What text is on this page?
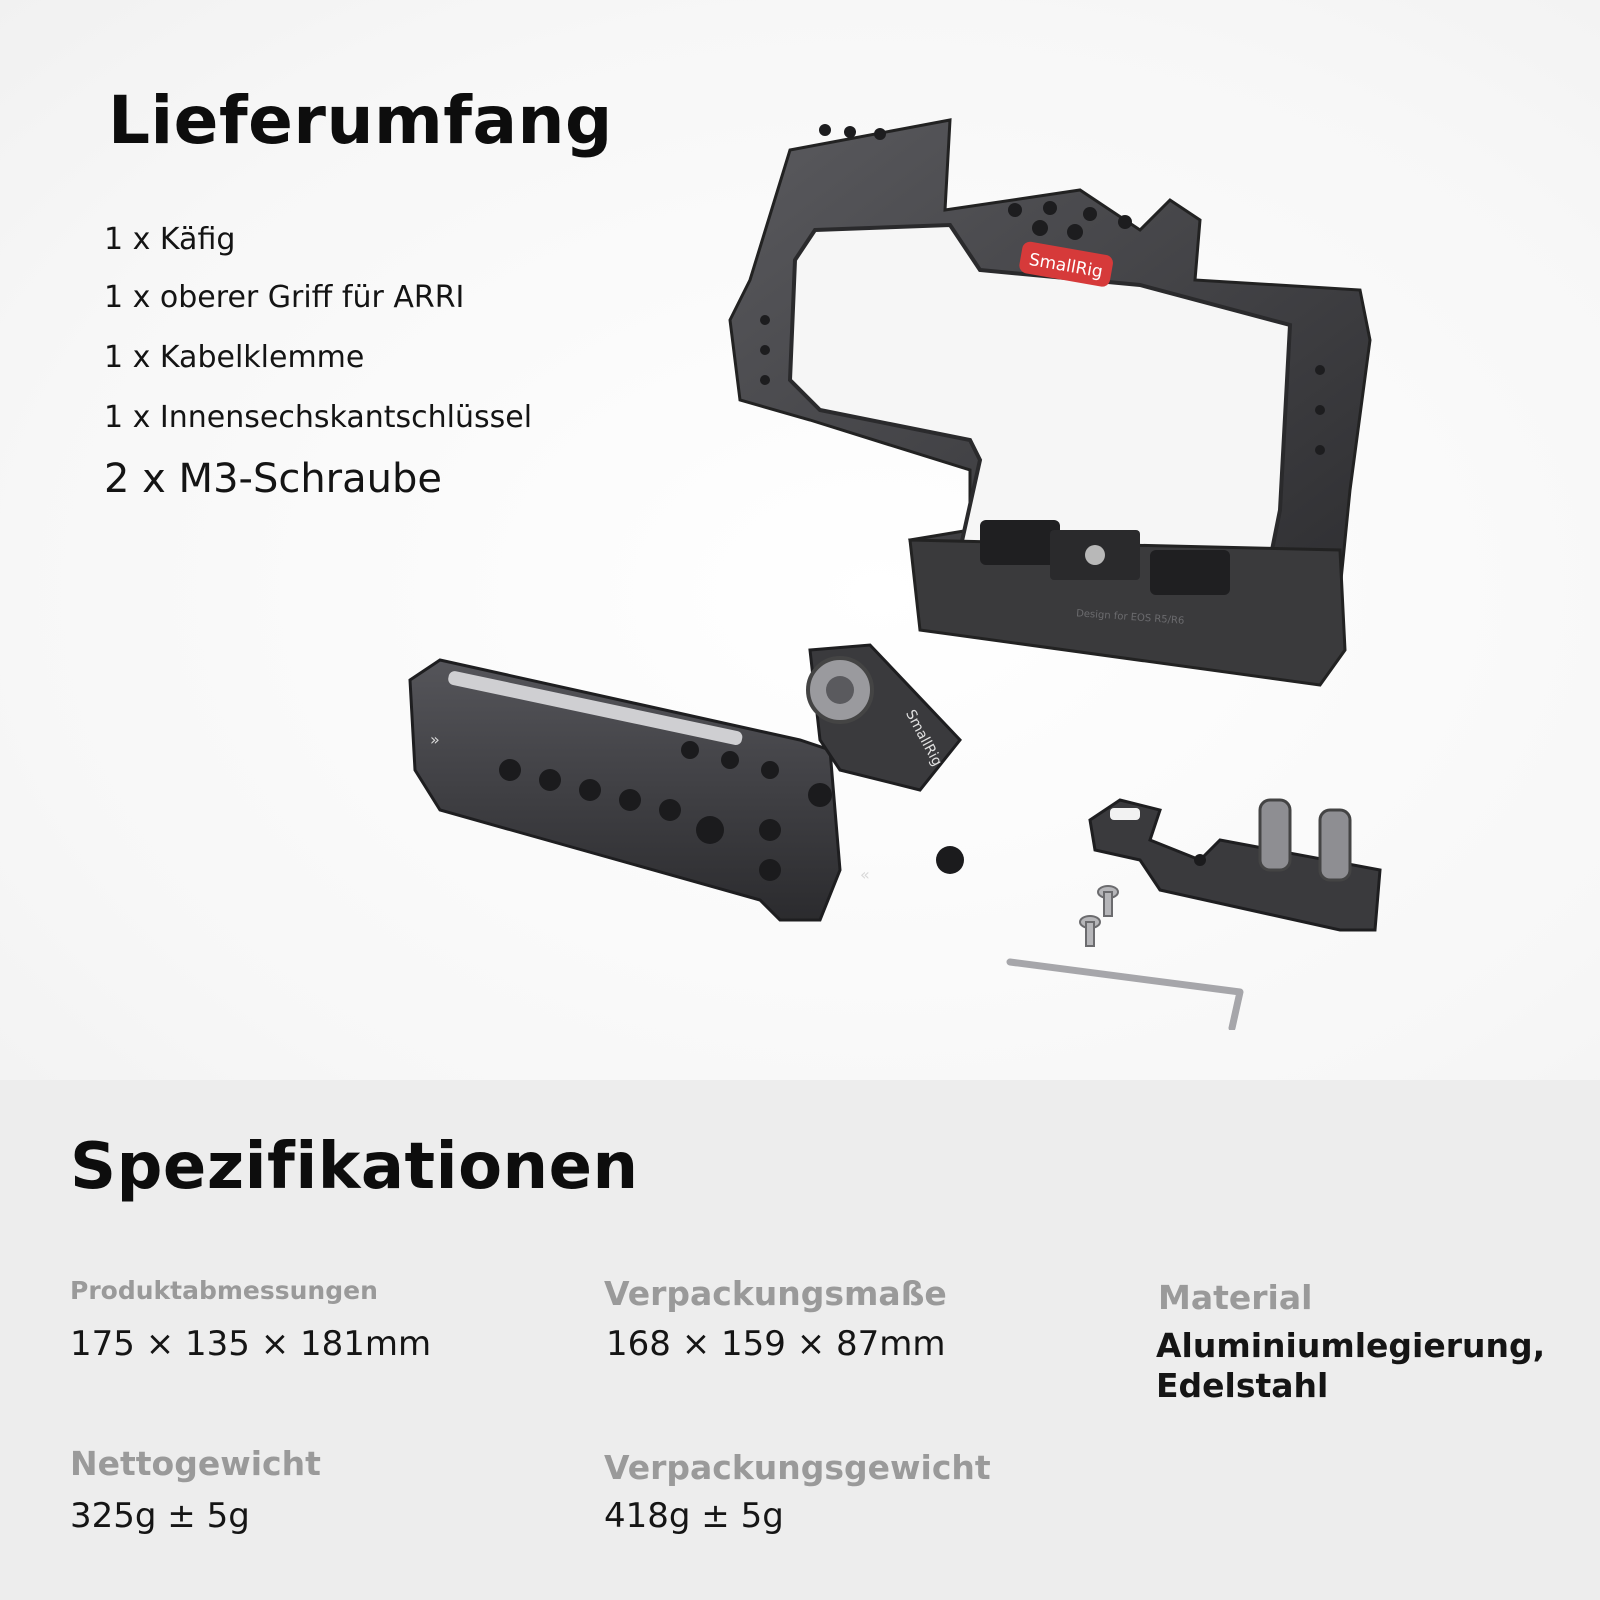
Lieferumfang
1 x Käfig
1 x oberer Griff für ARRI
1 x Kabelklemme
1 x Innensechskantschlüssel
2 x M3-Schraube
SmallRig
Design for EOS R5/R6
SmallRig
»
«
Spezifikationen
Produktabmessungen
175 × 135 × 181mm
Verpackungsmaße
168 × 159 × 87mm
Material
Aluminiumlegierung, Edelstahl
Nettogewicht
325g ± 5g
Verpackungsgewicht
418g ± 5g
